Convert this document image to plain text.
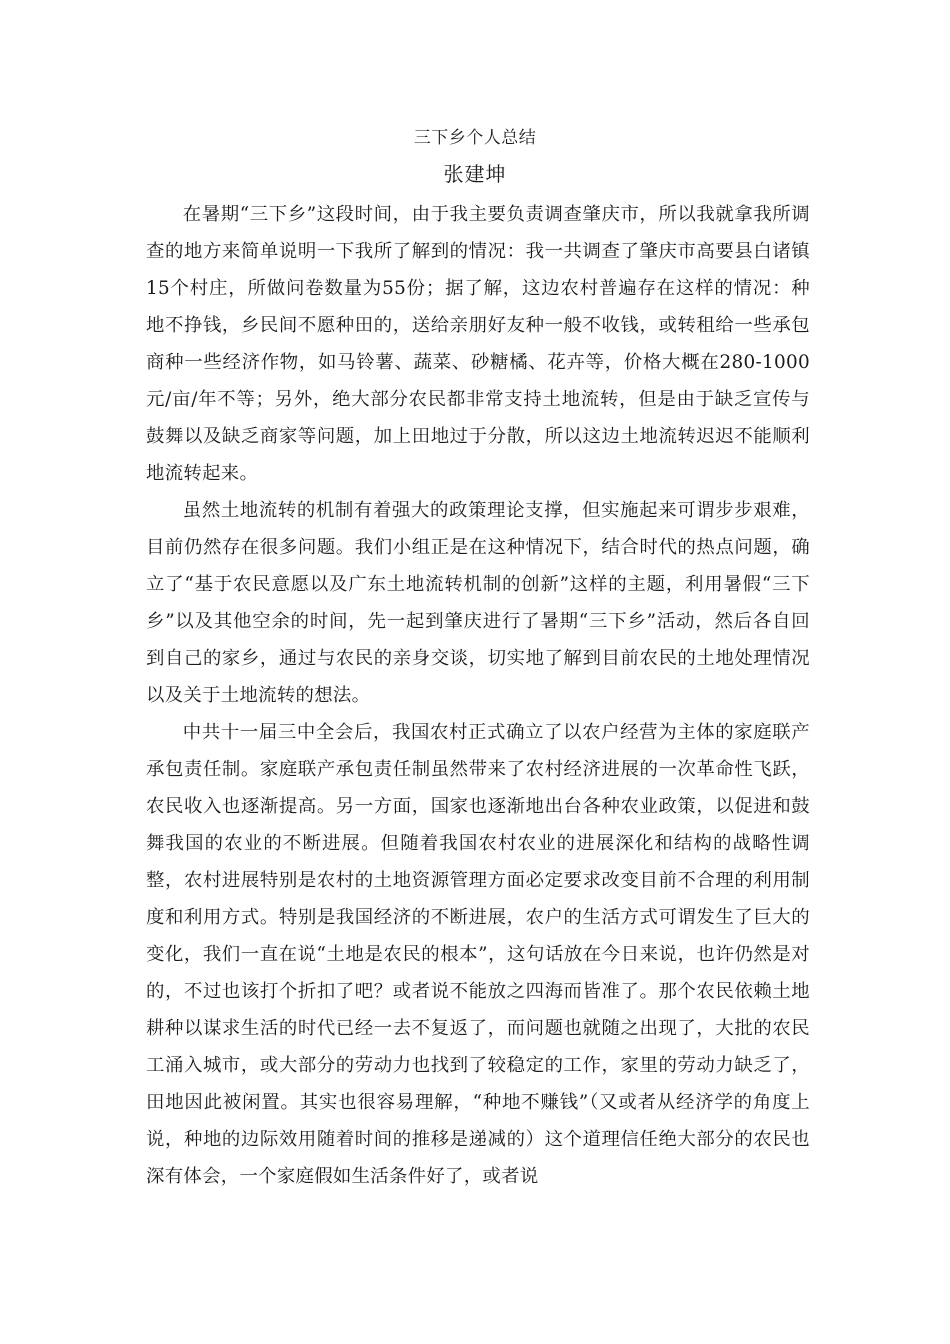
三下乡个人总结
张建坤

在暑期“三下乡”这段时间，由于我主要负责调查肇庆市，所以我就拿我所调查的地方来简单说明一下我所了解到的情况：我一共调查了肇庆市高要县白诸镇15个村庄，所做问卷数量为55份；据了解，这边农村普遍存在这样的情况：种地不挣钱，乡民间不愿种田的，送给亲朋好友种一般不收钱，或转租给一些承包商种一些经济作物，如马铃薯、蔬菜、砂糖橘、花卉等，价格大概在280-1000元/亩/年不等；另外，绝大部分农民都非常支持土地流转，但是由于缺乏宣传与鼓舞以及缺乏商家等问题，加上田地过于分散，所以这边土地流转迟迟不能顺利地流转起来。

虽然土地流转的机制有着强大的政策理论支撑，但实施起来可谓步步艰难，目前仍然存在很多问题。我们小组正是在这种情况下，结合时代的热点问题，确立了“基于农民意愿以及广东土地流转机制的创新”这样的主题，利用暑假“三下乡”以及其他空余的时间，先一起到肇庆进行了暑期“三下乡”活动，然后各自回到自己的家乡，通过与农民的亲身交谈，切实地了解到目前农民的土地处理情况以及关于土地流转的想法。

中共十一届三中全会后，我国农村正式确立了以农户经营为主体的家庭联产承包责任制。家庭联产承包责任制虽然带来了农村经济进展的一次革命性飞跃，农民收入也逐渐提高。另一方面，国家也逐渐地出台各种农业政策，以促进和鼓舞我国的农业的不断进展。但随着我国农村农业的进展深化和结构的战略性调整，农村进展特别是农村的土地资源管理方面必定要求改变目前不合理的利用制度和利用方式。特别是我国经济的不断进展，农户的生活方式可谓发生了巨大的变化，我们一直在说“土地是农民的根本”，这句话放在今日来说，也许仍然是对的，不过也该打个折扣了吧？或者说不能放之四海而皆准了。那个农民依赖土地耕种以谋求生活的时代已经一去不复返了，而问题也就随之出现了，大批的农民工涌入城市，或大部分的劳动力也找到了较稳定的工作，家里的劳动力缺乏了，田地因此被闲置。其实也很容易理解，“种地不赚钱”（又或者从经济学的角度上说，种地的边际效用随着时间的推移是递减的）这个道理信任绝大部分的农民也深有体会，一个家庭假如生活条件好了，或者说
